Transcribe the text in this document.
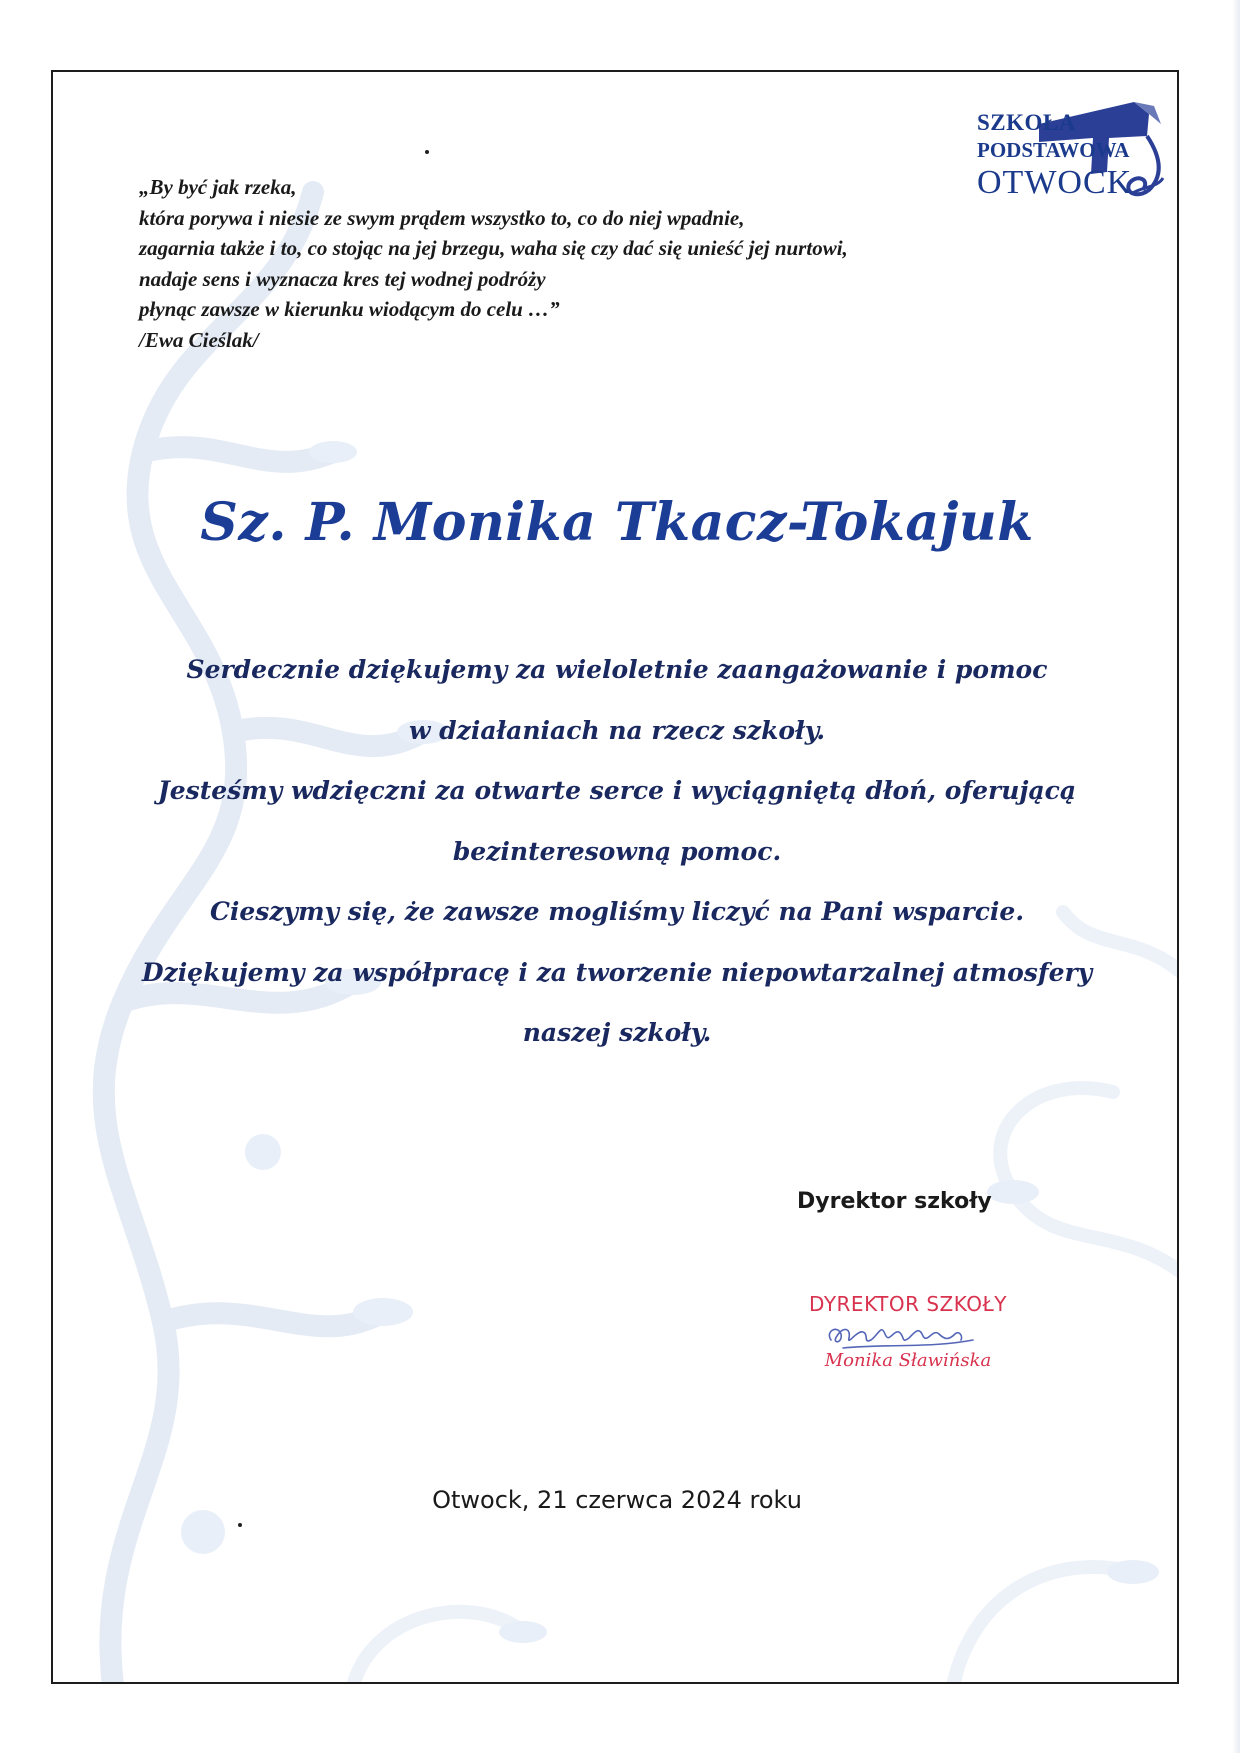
SZKOŁA
PODSTAWOWA
OTWOCK
„By być jak rzeka,
która porywa i niesie ze swym prądem wszystko to, co do niej wpadnie,
zagarnia także i to, co stojąc na jej brzegu, waha się czy dać się unieść jej nurtowi,
nadaje sens i wyznacza kres tej wodnej podróży
płynąc zawsze w kierunku wiodącym do celu …”
/Ewa Cieślak/
Sz. P. Monika Tkacz-Tokajuk
Serdecznie dziękujemy za wieloletnie zaangażowanie i pomoc
w działaniach na rzecz szkoły.
Jesteśmy wdzięczni za otwarte serce i wyciągniętą dłoń, oferującą
bezinteresowną pomoc.
Cieszymy się, że zawsze mogliśmy liczyć na Pani wsparcie.
Dziękujemy za współpracę i za tworzenie niepowtarzalnej atmosfery
naszej szkoły.
Dyrektor szkoły
DYREKTOR SZKOŁY
Monika Sławińska
Otwock, 21 czerwca 2024 roku
